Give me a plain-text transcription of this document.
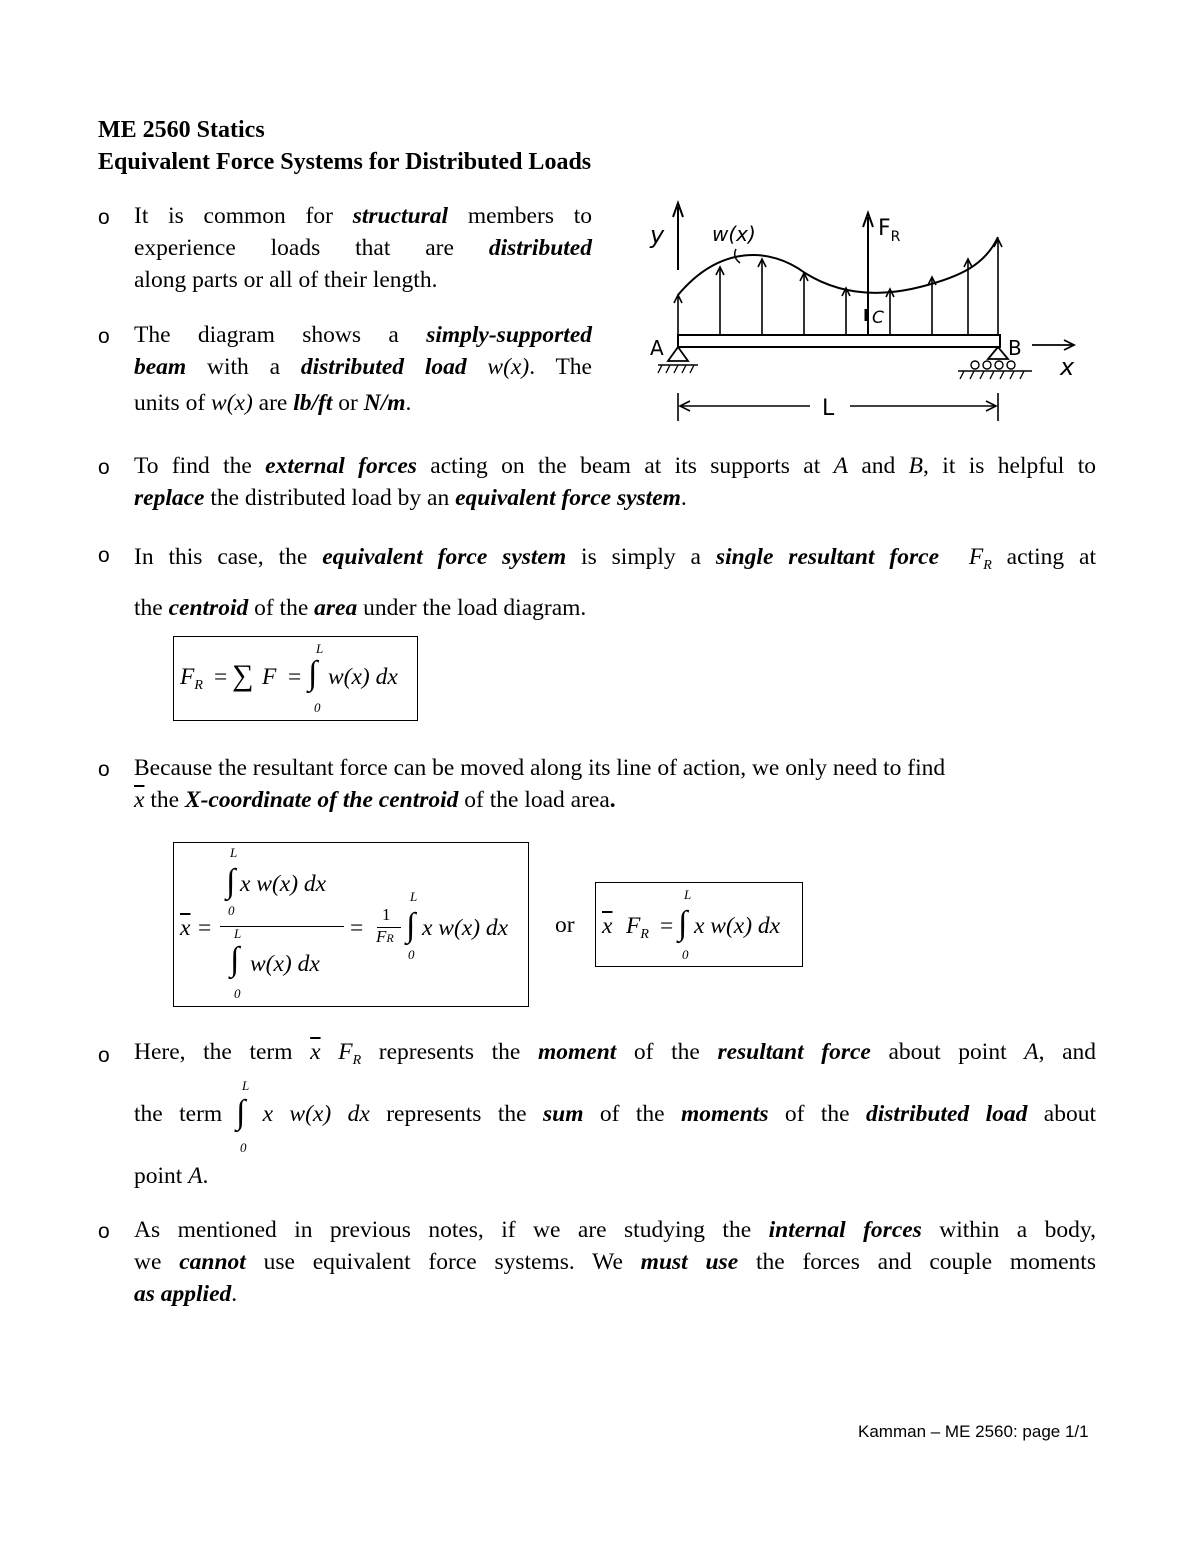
ME 2560 Statics
Equivalent Force Systems for Distributed Loads
o	It is common for structural members to
experience loads that are distributed
along parts or all of their length.
o	The diagram shows a simply-supported
beam with a distributed load w(x). The
units of w(x) are lb/ft or N/m.
y w(x)	$F_R$
C
A	B
x
L
o	To find the external forces acting on the beam at its supports at A and B, it is helpful to
replace the distributed load by an equivalent force system.
o	In this case, the equivalent force system is simply a single resultant force $F_R$ acting at
the centroid of the area under the load diagram.
$F_R$ = ∑ F = ∫
L
0
w(x) dx
o	Because the resultant force can be moved along its line of action, we only need to find
$\overline{x}$ the X-coordinate of the centroid of the load area.
$\overline{x}$ =
L
∫
0
x w(x) dx
L
∫
0
w(x) dx
=
1
FR
L
∫
0
x w(x) dx or $\overline{x}$ $F_R$ =
L
∫
0
x w(x) dx
o	Here, the term $\overline{x}$ $F_R$ represents the moment of the resultant force about point A, and
the term x w(x) dx represents the sum of the moments of the distributed load about
L
∫
0
point A.
o	As mentioned in previous notes, if we are studying the internal forces within a body,
we cannot use equivalent force systems. We must use the forces and couple moments
as applied.
Kamman – ME 2560: page 1/1
